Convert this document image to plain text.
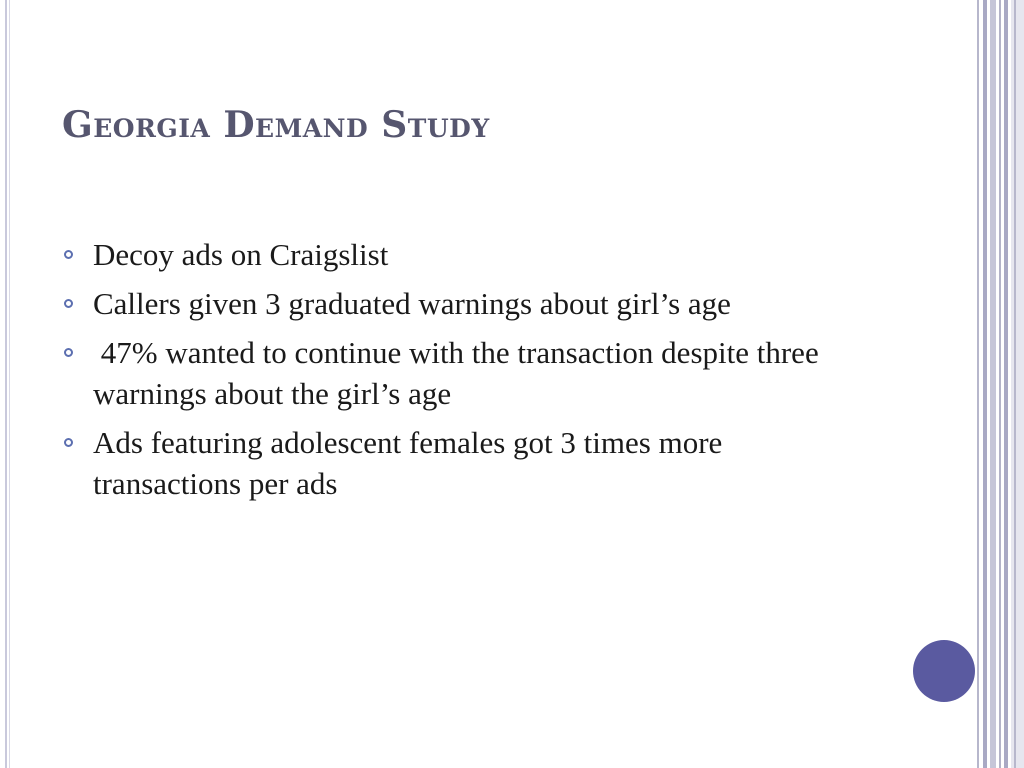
Georgia Demand Study
Decoy ads on Craigslist
Callers given 3 graduated warnings about girl’s age
47% wanted to continue with the transaction despite three warnings about the girl’s age
Ads featuring adolescent females got 3 times more transactions per ads
